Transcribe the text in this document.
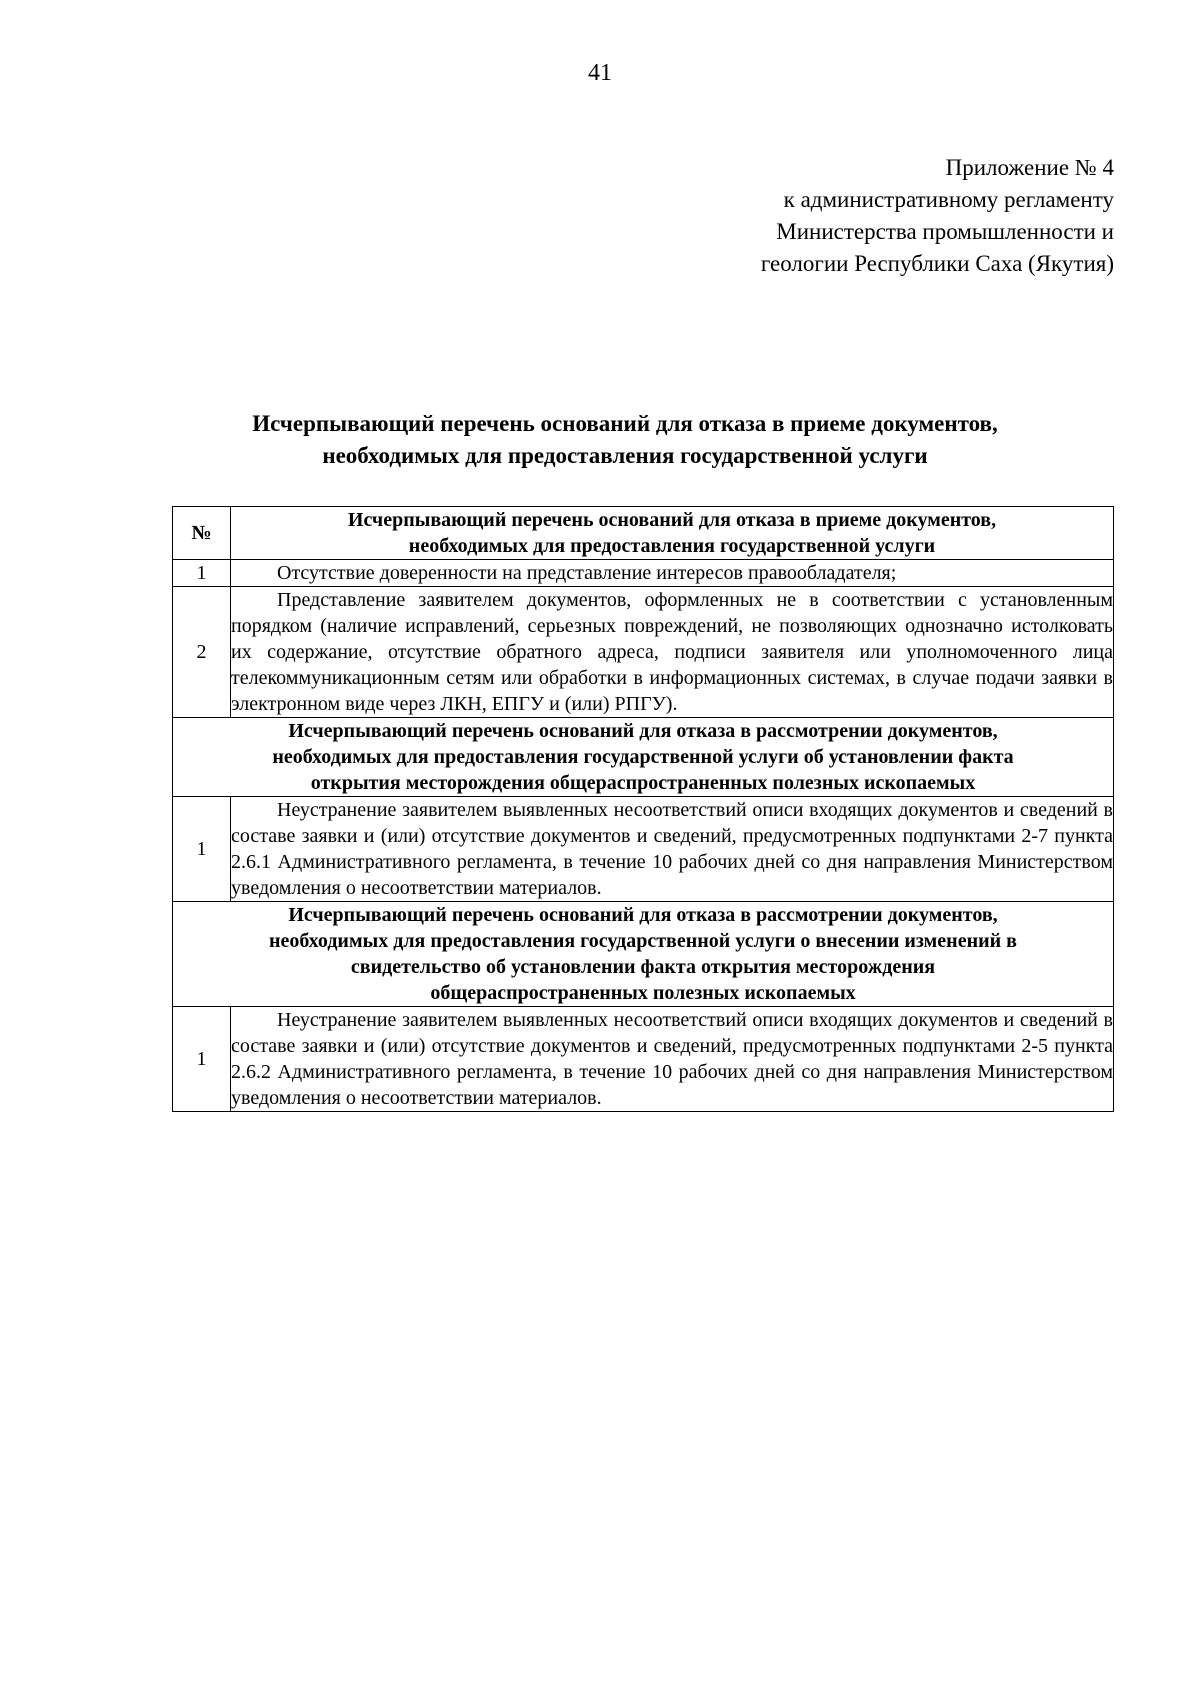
41
Приложение № 4
к административному регламенту
Министерства промышленности и
геологии Республики Саха (Якутия)
Исчерпывающий перечень оснований для отказа в приеме документов,
необходимых для предоставления государственной услуги
№	Исчерпывающий перечень оснований для отказа в приеме документов,
необходимых для предоставления государственной услуги

1	Отсутствие доверенности на представление интересов правообладателя;
2	Представление заявителем документов, оформленных не в соответствии с установленным порядком (наличие исправлений, серьезных повреждений, не позволяющих однозначно истолковать их содержание, отсутствие обратного адреса, подписи заявителя или уполномоченного лица телекоммуникационным сетям или обработки в информационных системах, в случае подачи заявки в электронном виде через ЛКН, ЕПГУ и (или) РПГУ).

Исчерпывающий перечень оснований для отказа в рассмотрении документов,
необходимых для предоставления государственной услуги об установлении факта
открытия месторождения общераспространенных полезных ископаемых	

1	Неустранение заявителем выявленных несоответствий описи входящих документов и сведений в составе заявки и (или) отсутствие документов и сведений, предусмотренных подпунктами 2-7 пункта 2.6.1 Административного регламента, в течение 10 рабочих дней со дня направления Министерством уведомления о несоответствии материалов.

Исчерпывающий перечень оснований для отказа в рассмотрении документов,
необходимых для предоставления государственной услуги о внесении изменений в
свидетельство об установлении факта открытия месторождения
общераспространенных полезных ископаемых	

1	Неустранение заявителем выявленных несоответствий описи входящих документов и сведений в составе заявки и (или) отсутствие документов и сведений, предусмотренных подпунктами 2-5 пункта 2.6.2 Административного регламента, в течение 10 рабочих дней со дня направления Министерством уведомления о несоответствии материалов.
